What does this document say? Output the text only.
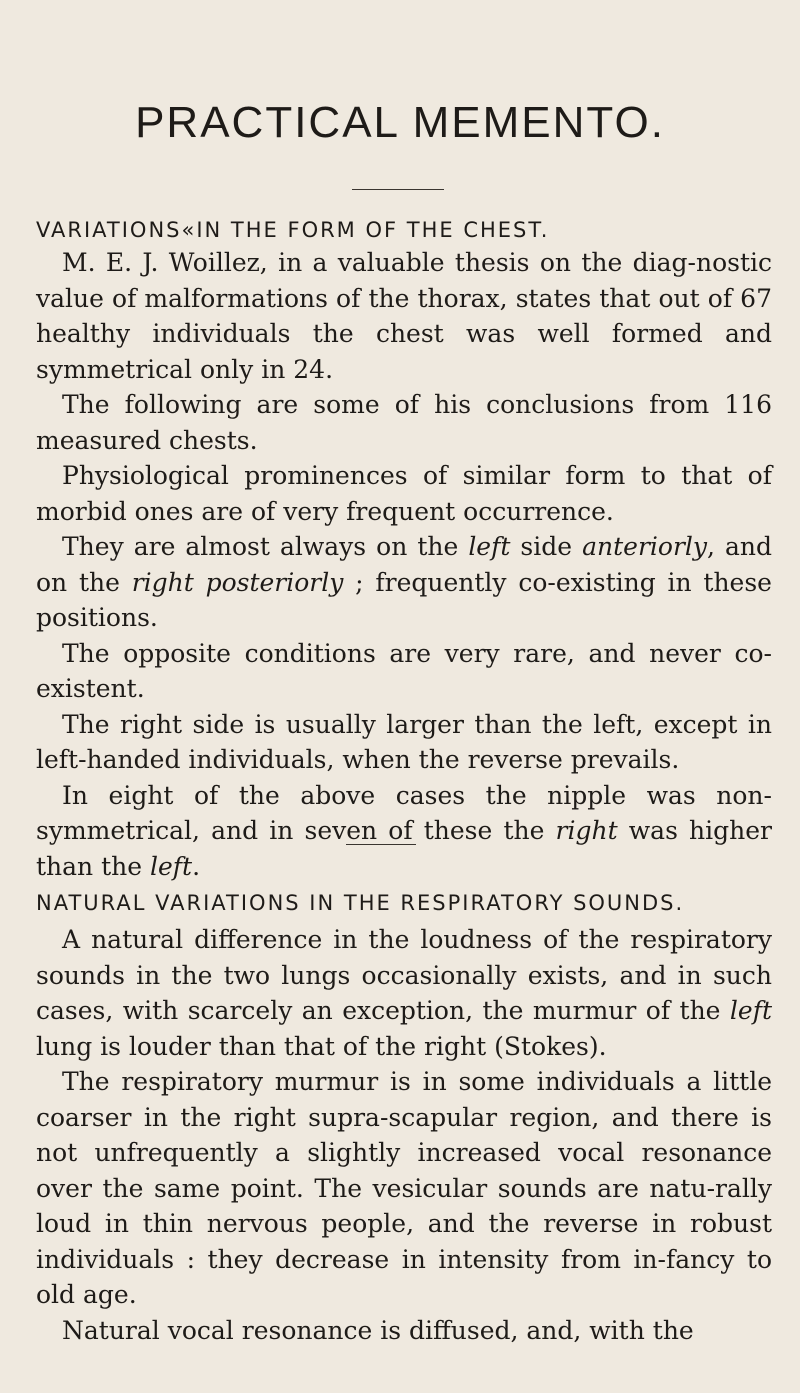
PRACTICAL MEMENTO.
VARIATIONS«IN THE FORM OF THE CHEST.

M. E. J. Woillez, in a valuable thesis on the diag-nostic value of malformations of the thorax, states that out of 67 healthy individuals the chest was well formed and symmetrical only in 24.

The following are some of his conclusions from 116 measured chests.

Physiological prominences of similar form to that of morbid ones are of very frequent occurrence.

They are almost always on the left side anteriorly, and on the right posteriorly ; frequently co-existing in these positions.

The opposite conditions are very rare, and never co-existent.

The right side is usually larger than the left, except in left-handed individuals, when the reverse prevails.

In eight of the above cases the nipple was non-symmetrical, and in seven of these the right was higher than the left.

NATURAL VARIATIONS IN THE RESPIRATORY SOUNDS.

A natural difference in the loudness of the respiratory sounds in the two lungs occasionally exists, and in such cases, with scarcely an exception, the murmur of the left lung is louder than that of the right (Stokes).

The respiratory murmur is in some individuals a little coarser in the right supra-scapular region, and there is not unfrequently a slightly increased vocal resonance over the same point. The vesicular sounds are natu-rally loud in thin nervous people, and the reverse in robust individuals : they decrease in intensity from in-fancy to old age.

Natural vocal resonance is diffused, and, with the
